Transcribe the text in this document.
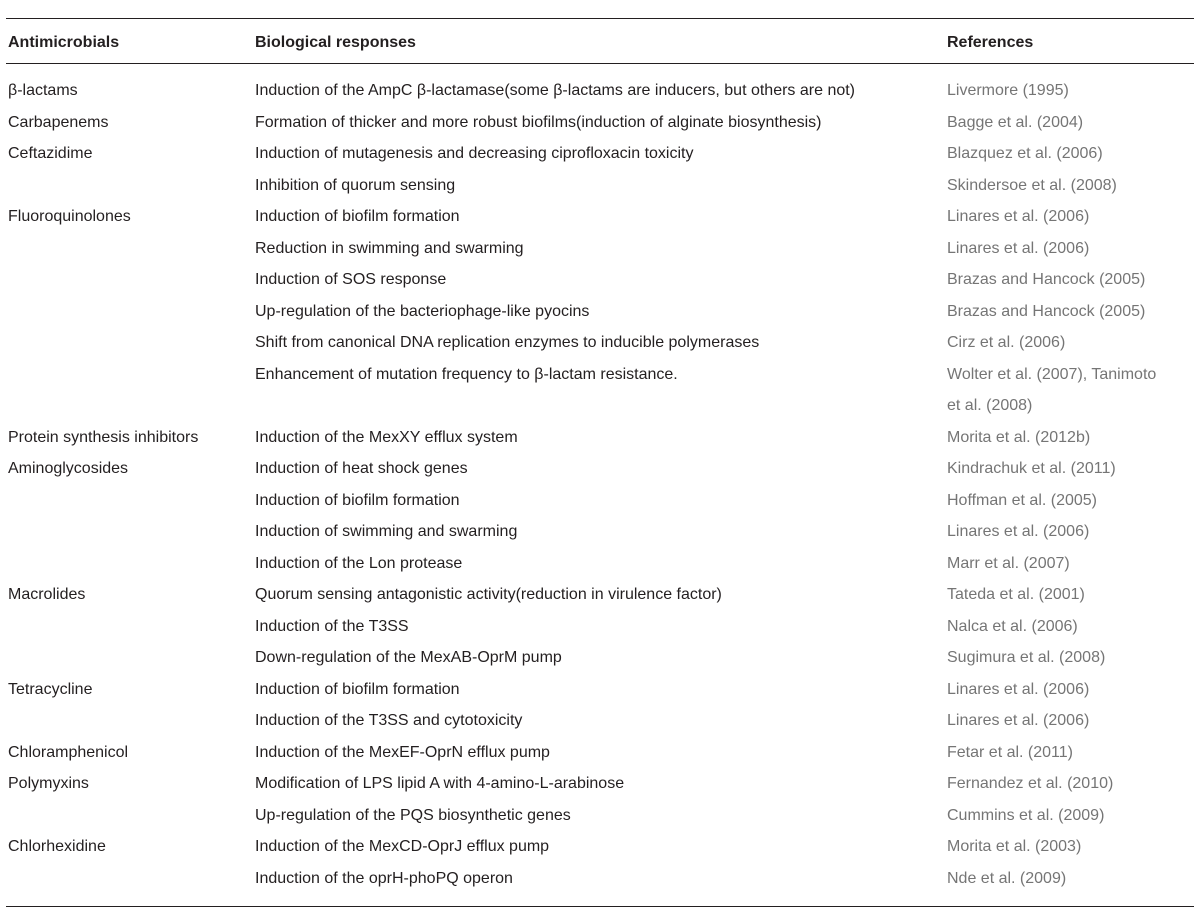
Antimicrobials	Biological responses	References
β-lactams	Induction of the AmpC β-lactamase(some β-lactams are inducers, but others are not)	Livermore (1995)
Carbapenems	Formation of thicker and more robust biofilms(induction of alginate biosynthesis)	Bagge et al. (2004)
Ceftazidime	Induction of mutagenesis and decreasing ciprofloxacin toxicity	Blazquez et al. (2006)
	Inhibition of quorum sensing	Skindersoe et al. (2008)
Fluoroquinolones	Induction of biofilm formation	Linares et al. (2006)
	Reduction in swimming and swarming	Linares et al. (2006)
	Induction of SOS response	Brazas and Hancock (2005)
	Up-regulation of the bacteriophage-like pyocins	Brazas and Hancock (2005)
	Shift from canonical DNA replication enzymes to inducible polymerases	Cirz et al. (2006)
	Enhancement of mutation frequency to β-lactam resistance.	Wolter et al. (2007), Tanimoto
et al. (2008)

Protein synthesis inhibitors	Induction of the MexXY efflux system	Morita et al. (2012b)
Aminoglycosides	Induction of heat shock genes	Kindrachuk et al. (2011)
	Induction of biofilm formation	Hoffman et al. (2005)
	Induction of swimming and swarming	Linares et al. (2006)
	Induction of the Lon protease	Marr et al. (2007)
Macrolides	Quorum sensing antagonistic activity(reduction in virulence factor)	Tateda et al. (2001)
	Induction of the T3SS	Nalca et al. (2006)
	Down-regulation of the MexAB-OprM pump	Sugimura et al. (2008)
Tetracycline	Induction of biofilm formation	Linares et al. (2006)
	Induction of the T3SS and cytotoxicity	Linares et al. (2006)
Chloramphenicol	Induction of the MexEF-OprN efflux pump	Fetar et al. (2011)
Polymyxins	Modification of LPS lipid A with 4-amino-L-arabinose	Fernandez et al. (2010)
	Up-regulation of the PQS biosynthetic genes	Cummins et al. (2009)
Chlorhexidine	Induction of the MexCD-OprJ efflux pump	Morita et al. (2003)
	Induction of the oprH-phoPQ operon	Nde et al. (2009)
